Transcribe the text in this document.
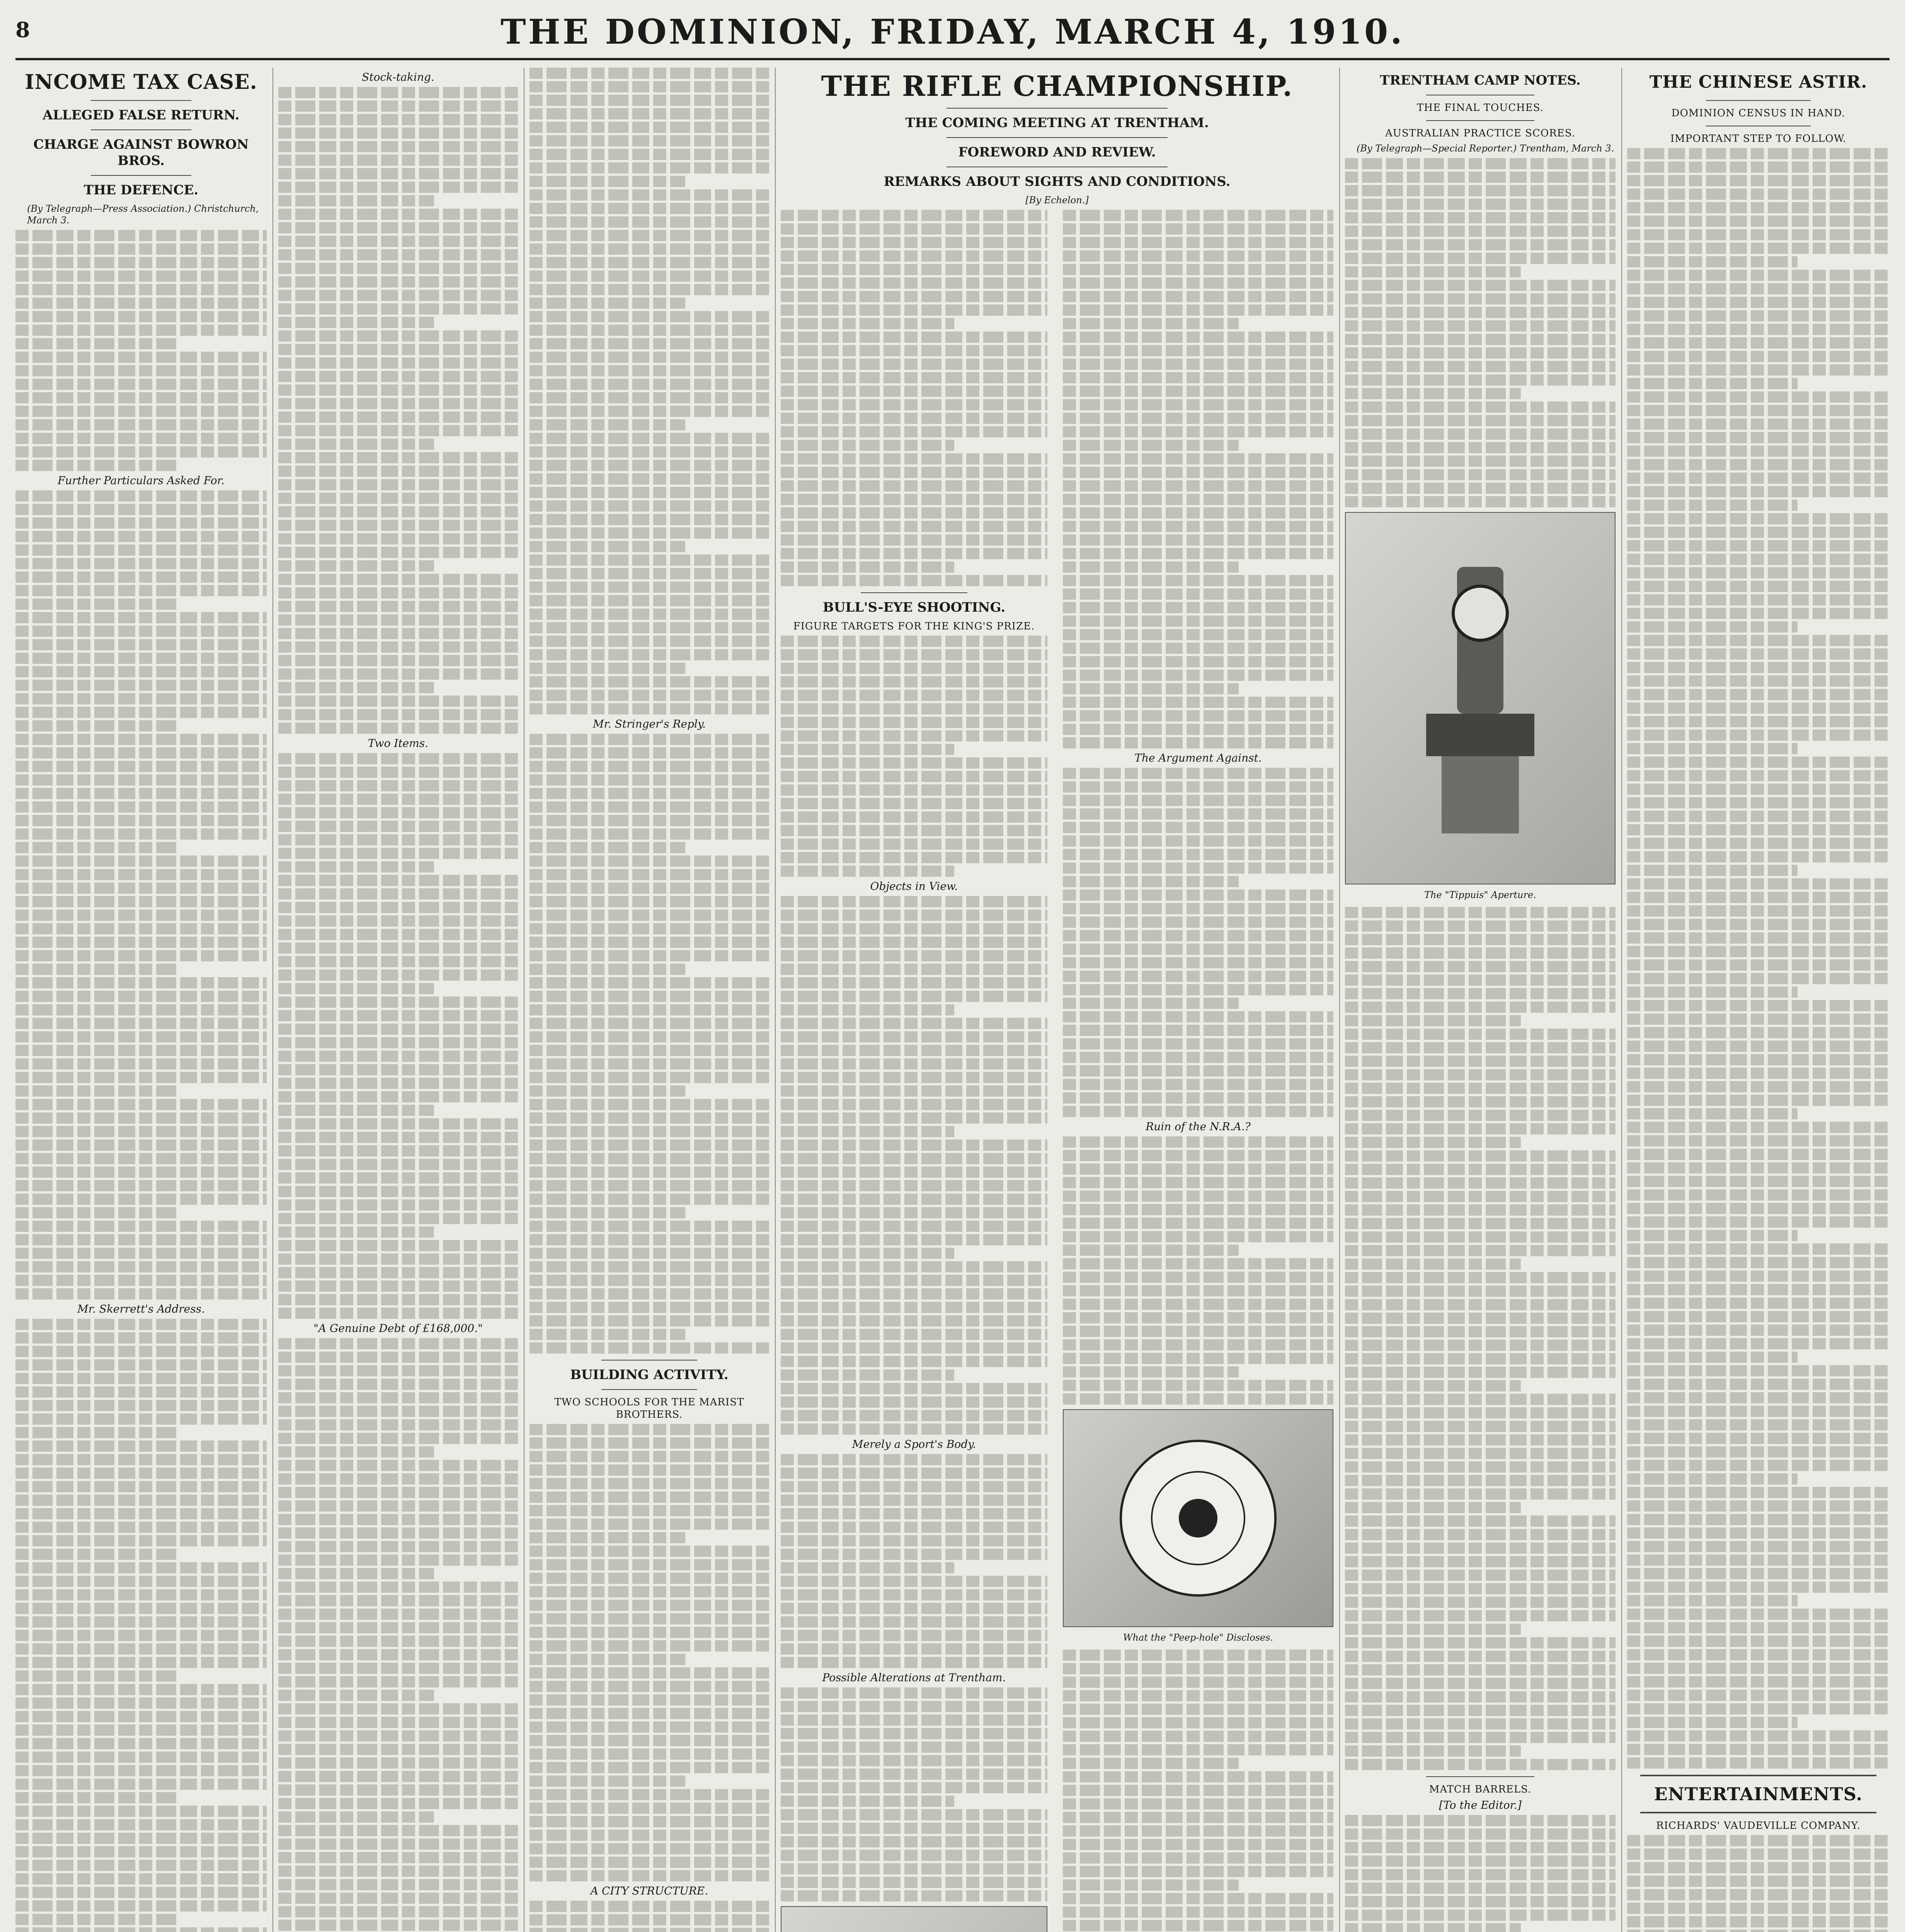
8	THE DOMINION, FRIDAY, MARCH 4, 1910.
INCOME TAX CASE.
ALLEGED FALSE RETURN.
CHARGE AGAINST BOWRON BROS.
THE DEFENCE.
(By Telegraph—Press Association.) Christchurch, March 3.
Further Particulars Asked For.
Mr. Skerrett's Address.
Stock-taking.
Two Items.
"A Genuine Debt of £168,000."
Mr. Stringer's Reply.
BUILDING ACTIVITY.
TWO SCHOOLS FOR THE MARIST BROTHERS.
A CITY STRUCTURE.
THE RIFLE CHAMPIONSHIP.
THE COMING MEETING AT TRENTHAM.
FOREWORD AND REVIEW.
REMARKS ABOUT SIGHTS AND CONDITIONS.
[By Echelon.]
BULL'S-EYE SHOOTING.
FIGURE TARGETS FOR THE KING'S PRIZE.
Objects in View.
Merely a Sport's Body.
Possible Alterations at Trentham.
The Argument Against.
Ruin of the N.R.A.?
What the "Peep-hole" Discloses.
TRENTHAM CAMP NOTES.
THE FINAL TOUCHES.
AUSTRALIAN PRACTICE SCORES.
(By Telegraph—Special Reporter.) Trentham, March 3.
The "Tippuis" Aperture.
MATCH BARRELS.
[To the Editor.]
THE CHINESE ASTIR.
DOMINION CENSUS IN HAND.
IMPORTANT STEP TO FOLLOW.
ENTERTAINMENTS.
RICHARDS' VAUDEVILLE COMPANY.
